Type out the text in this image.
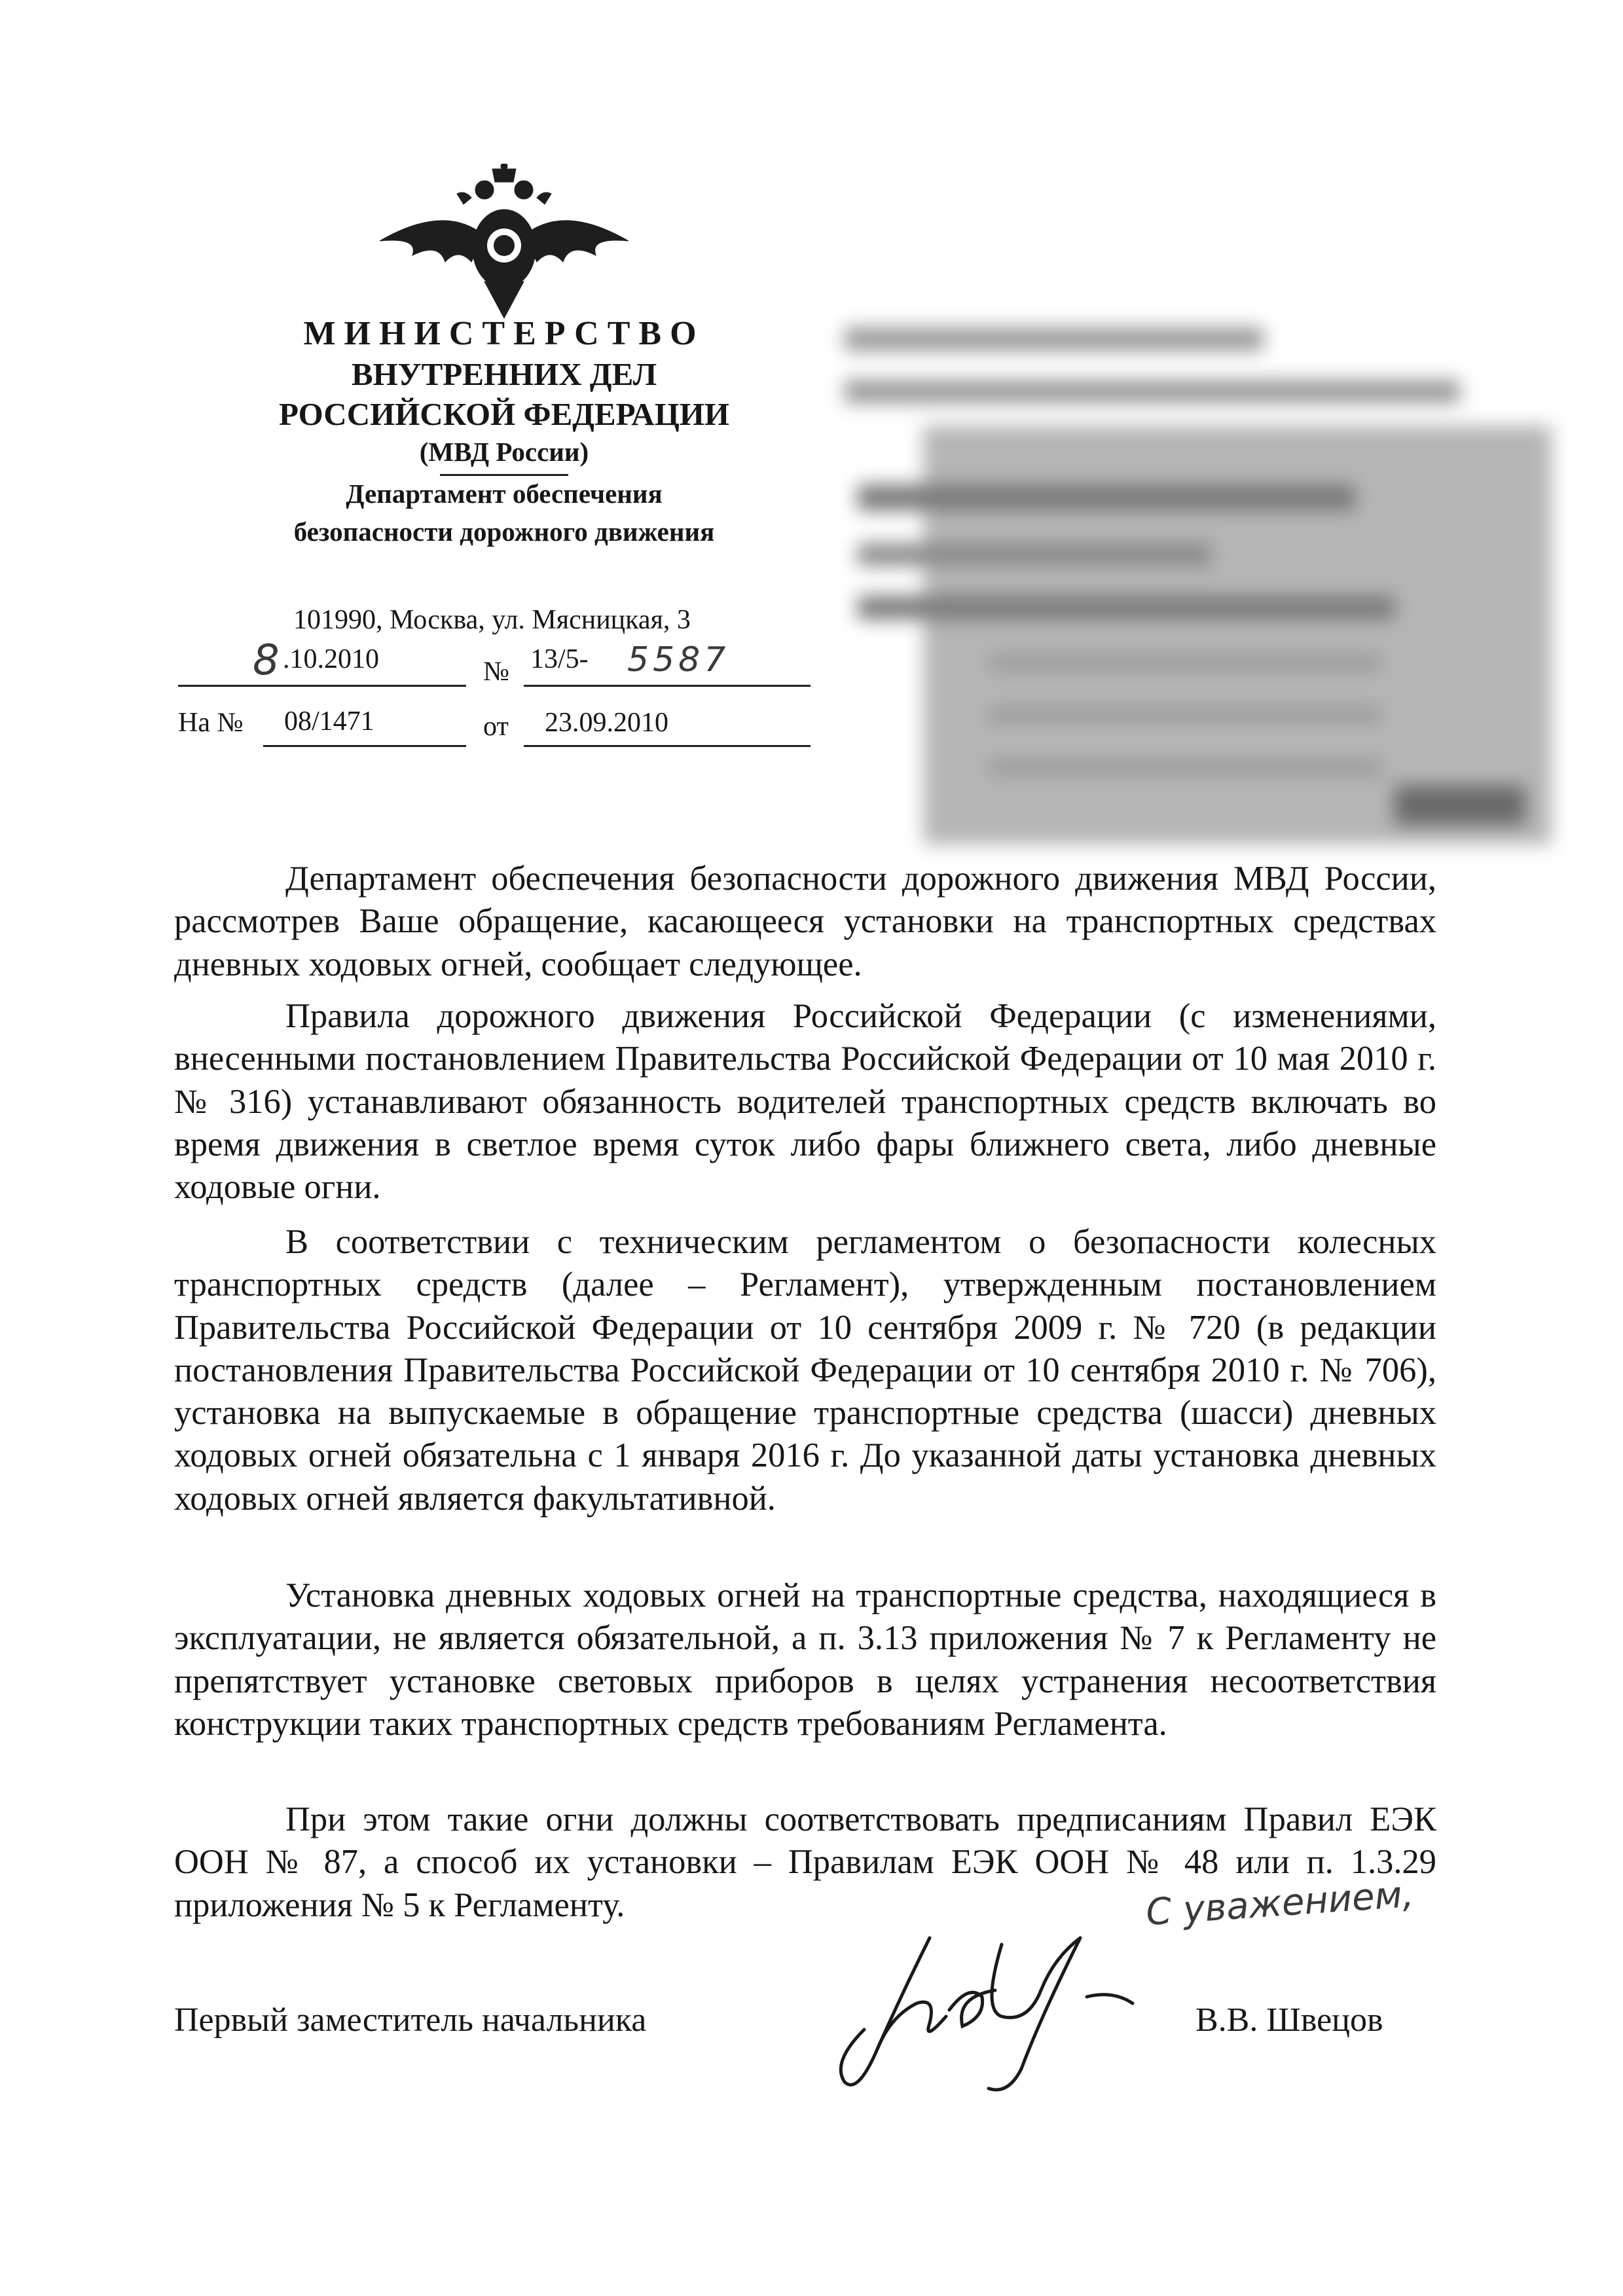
МИНИСТЕРСТВО
ВНУТРЕННИХ ДЕЛ
РОССИЙСКОЙ ФЕДЕРАЦИИ
(МВД России)
Департамент обеспечения
безопасности дорожного движения
101990, Москва, ул. Мясницкая, 3
8 .10.2010	№ 13/5- 5587
На № 08/1471	от 23.09.2010

Департамент обеспечения безопасности дорожного движения МВД России, рассмотрев Ваше обращение, касающееся установки на транспортных средствах дневных ходовых огней, сообщает следующее.

Правила дорожного движения Российской Федерации (с изменениями, внесенными постановлением Правительства Российской Федерации от 10 мая 2010 г. № 316) устанавливают обязанность водителей транспортных средств включать во время движения в светлое время суток либо фары ближнего света, либо дневные ходовые огни.

В соответствии с техническим регламентом о безопасности колесных транспортных средств (далее – Регламент), утвержденным постановлением Правительства Российской Федерации от 10 сентября 2009 г. № 720 (в редакции постановления Правительства Российской Федерации от 10 сентября 2010 г. № 706), установка на выпускаемые в обращение транспортные средства (шасси) дневных ходовых огней обязательна с 1 января 2016 г. До указанной даты установка дневных ходовых огней является факультативной.

Установка дневных ходовых огней на транспортные средства, находящиеся в эксплуатации, не является обязательной, а п. 3.13 приложения № 7 к Регламенту не препятствует установке световых приборов в целях устранения несоответствия конструкции таких транспортных средств требованиям Регламента.

При этом такие огни должны соответствовать предписаниям Правил ЕЭК ООН № 87, а способ их установки – Правилам ЕЭК ООН № 48 или п. 1.3.29 приложения № 5 к Регламенту.	С уважением,
Первый заместитель начальника	В.В. Швецов
